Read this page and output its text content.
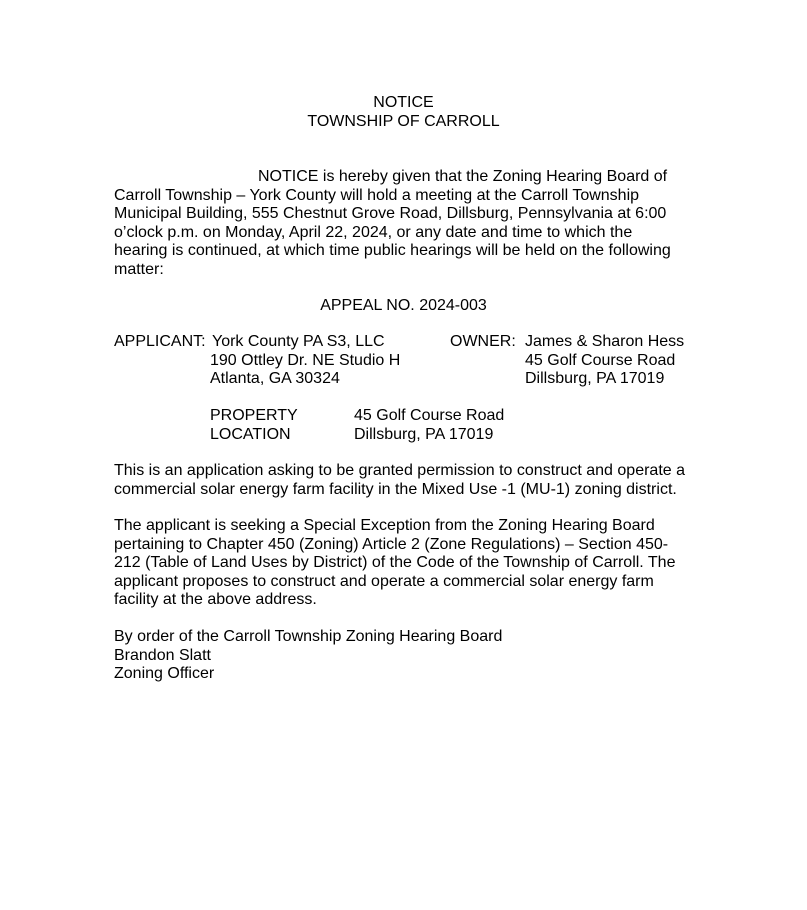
NOTICE
TOWNSHIP OF CARROLL
NOTICE is hereby given that the Zoning Hearing Board of
Carroll Township – York County will hold a meeting at the Carroll Township
Municipal Building, 555 Chestnut Grove Road, Dillsburg, Pennsylvania at 6:00
o’clock p.m. on Monday, April 22, 2024, or any date and time to which the
hearing is continued, at which time public hearings will be held on the following
matter:
APPEAL NO. 2024-003
APPLICANT: York County PA S3, LLC
190 Ottley Dr. NE Studio H
Atlanta, GA 30324
OWNER: James & Sharon Hess
45 Golf Course Road
Dillsburg, PA 17019
PROPERTY
LOCATION
45 Golf Course Road
Dillsburg, PA 17019
This is an application asking to be granted permission to construct and operate a
commercial solar energy farm facility in the Mixed Use -1 (MU-1) zoning district.
The applicant is seeking a Special Exception from the Zoning Hearing Board
pertaining to Chapter 450 (Zoning) Article 2 (Zone Regulations) – Section 450-
212 (Table of Land Uses by District) of the Code of the Township of Carroll. The
applicant proposes to construct and operate a commercial solar energy farm
facility at the above address.
By order of the Carroll Township Zoning Hearing Board
Brandon Slatt
Zoning Officer
